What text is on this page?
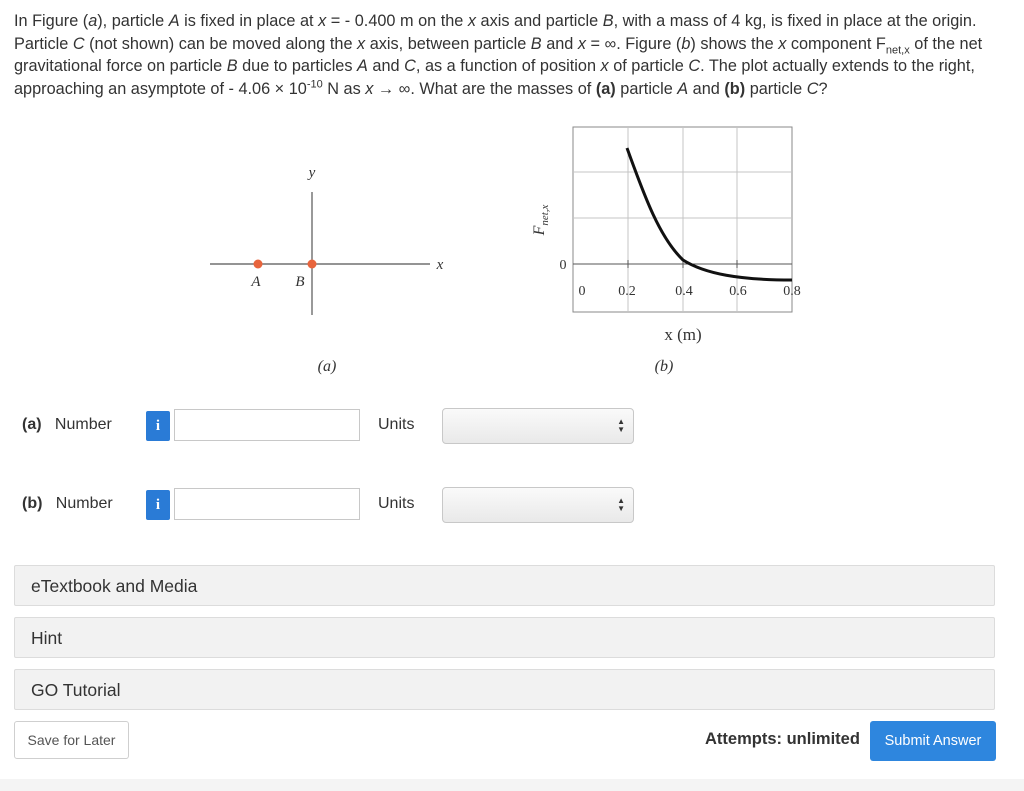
In Figure (a), particle A is fixed in place at x = - 0.400 m on the x axis and particle B, with a mass of 4 kg, is fixed in place at the origin. Particle C (not shown) can be moved along the x axis, between particle B and x = ∞. Figure (b) shows the x component $F_{net,x}$ of the net gravitational force on particle B due to particles A and C, as a function of position x of particle C. The plot actually extends to the right, approaching an asymptote of - $4.06 \times 10^{-10}$ N as x → ∞. What are the masses of (a) particle A and (b) particle C?
y
x
A B
(a)
$F_{net,x}$
0
0 0.2	0.4	0.6	0.8
x (m)
(b)
(a) Number	i	Units	▲
▼
(b) Number	i	Units	▲
▼
eTextbook and Media
Hint
GO Tutorial
Save for Later	Attempts: unlimited	Submit Answer
